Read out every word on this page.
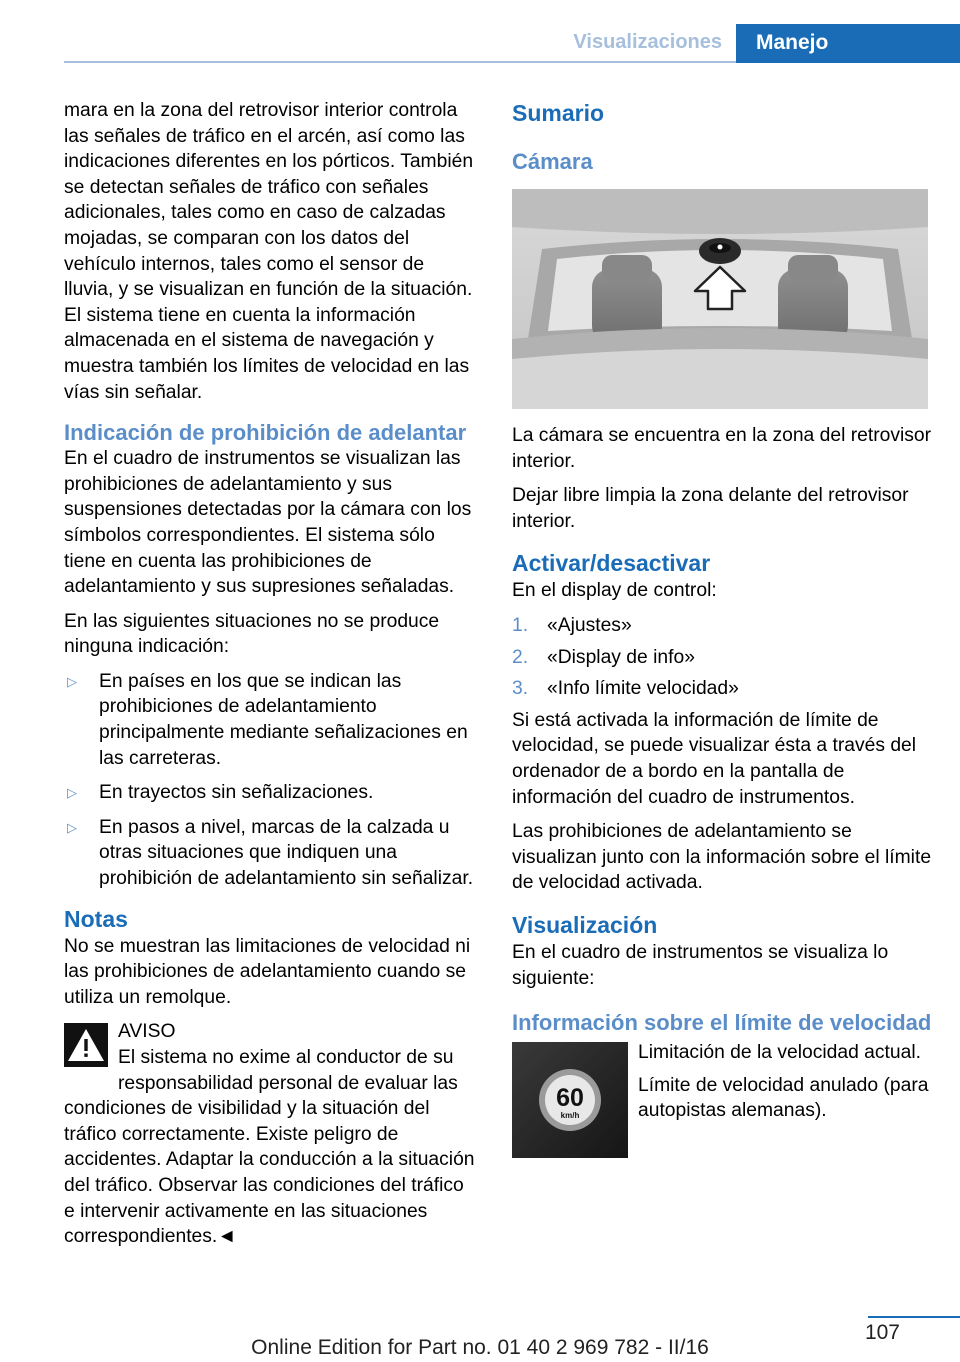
Visualizaciones	Manejo

mara en la zona del retrovisor interior controla las señales de tráfico en el arcén, así como las indicaciones diferentes en los pórticos. También se detectan señales de tráfico con señales adicionales, tales como en caso de calzadas mojadas, se comparan con los datos del vehículo internos, tales como el sensor de lluvia, y se visualizan en función de la situación. El sistema tiene en cuenta la información almacenada en el sistema de navegación y muestra también los límites de velocidad en las vías sin señalar.

Indicación de prohibición de adelantar

En el cuadro de instrumentos se visualizan las prohibiciones de adelantamiento y sus suspensiones detectadas por la cámara con los símbolos correspondientes. El sistema sólo tiene en cuenta las prohibiciones de adelantamiento y sus supresiones señaladas.

En las siguientes situaciones no se produce ninguna indicación:

▷ En países en los que se indican las prohibiciones de adelantamiento principalmente mediante señalizaciones en las carreteras.
▷ En trayectos sin señalizaciones.
▷ En pasos a nivel, marcas de la calzada u otras situaciones que indiquen una prohibición de adelantamiento sin señalizar.
Notas

No se muestran las limitaciones de velocidad ni las prohibiciones de adelantamiento cuando se utiliza un remolque.

AVISO
El sistema no exime al conductor de su responsabilidad personal de evaluar las condiciones de visibilidad y la situación del tráfico correctamente. Existe peligro de accidentes. Adaptar la conducción a la situación del tráfico. Observar las condiciones del tráfico e intervenir activamente en las situaciones correspondientes.◄
Sumario
Cámara

La cámara se encuentra en la zona del retrovisor interior.

Dejar libre limpia la zona delante del retrovisor interior.

Activar/desactivar

En el display de control:

1. «Ajustes»
2. «Display de info»
3. «Info límite velocidad»

Si está activada la información de límite de velocidad, se puede visualizar ésta a través del ordenador de a bordo en la pantalla de información del cuadro de instrumentos.

Las prohibiciones de adelantamiento se visualizan junto con la información sobre el límite de velocidad activada.

Visualización

En el cuadro de instrumentos se visualiza lo siguiente:

Información sobre el límite de velocidad
60
km/h

Limitación de la velocidad actual.

Límite de velocidad anulado (para autopistas alemanas).

107
Online Edition for Part no. 01 40 2 969 782 - II/16
